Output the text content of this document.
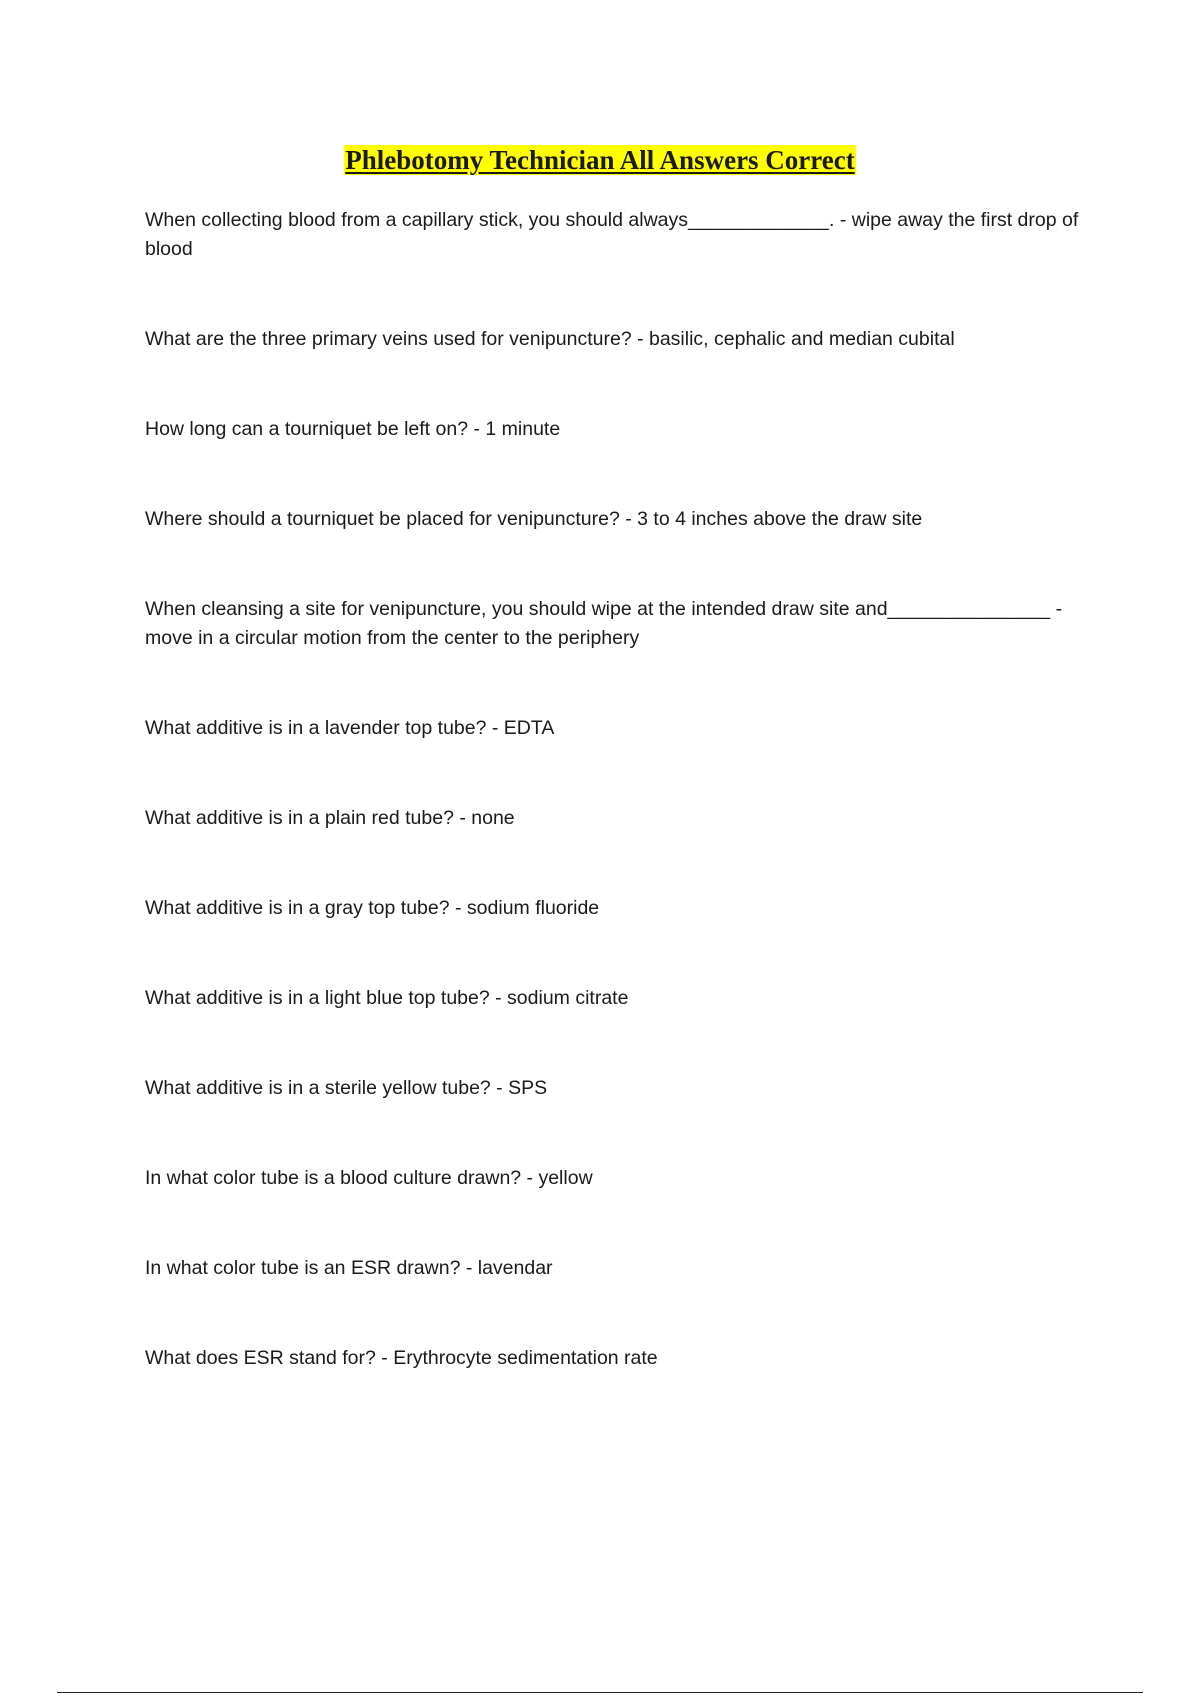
Phlebotomy Technician All Answers Correct
When collecting blood from a capillary stick, you should always_____________. - wipe away the first drop of blood
What are the three primary veins used for venipuncture? - basilic, cephalic and median cubital
How long can a tourniquet be left on? - 1 minute
Where should a tourniquet be placed for venipuncture? - 3 to 4 inches above the draw site
When cleansing a site for venipuncture, you should wipe at the intended draw site and_______________ - move in a circular motion from the center to the periphery
What additive is in a lavender top tube? - EDTA
What additive is in a plain red tube? - none
What additive is in a gray top tube? - sodium fluoride
What additive is in a light blue top tube? - sodium citrate
What additive is in a sterile yellow tube? - SPS
In what color tube is a blood culture drawn? - yellow
In what color tube is an ESR drawn? - lavendar
What does ESR stand for? - Erythrocyte sedimentation rate
